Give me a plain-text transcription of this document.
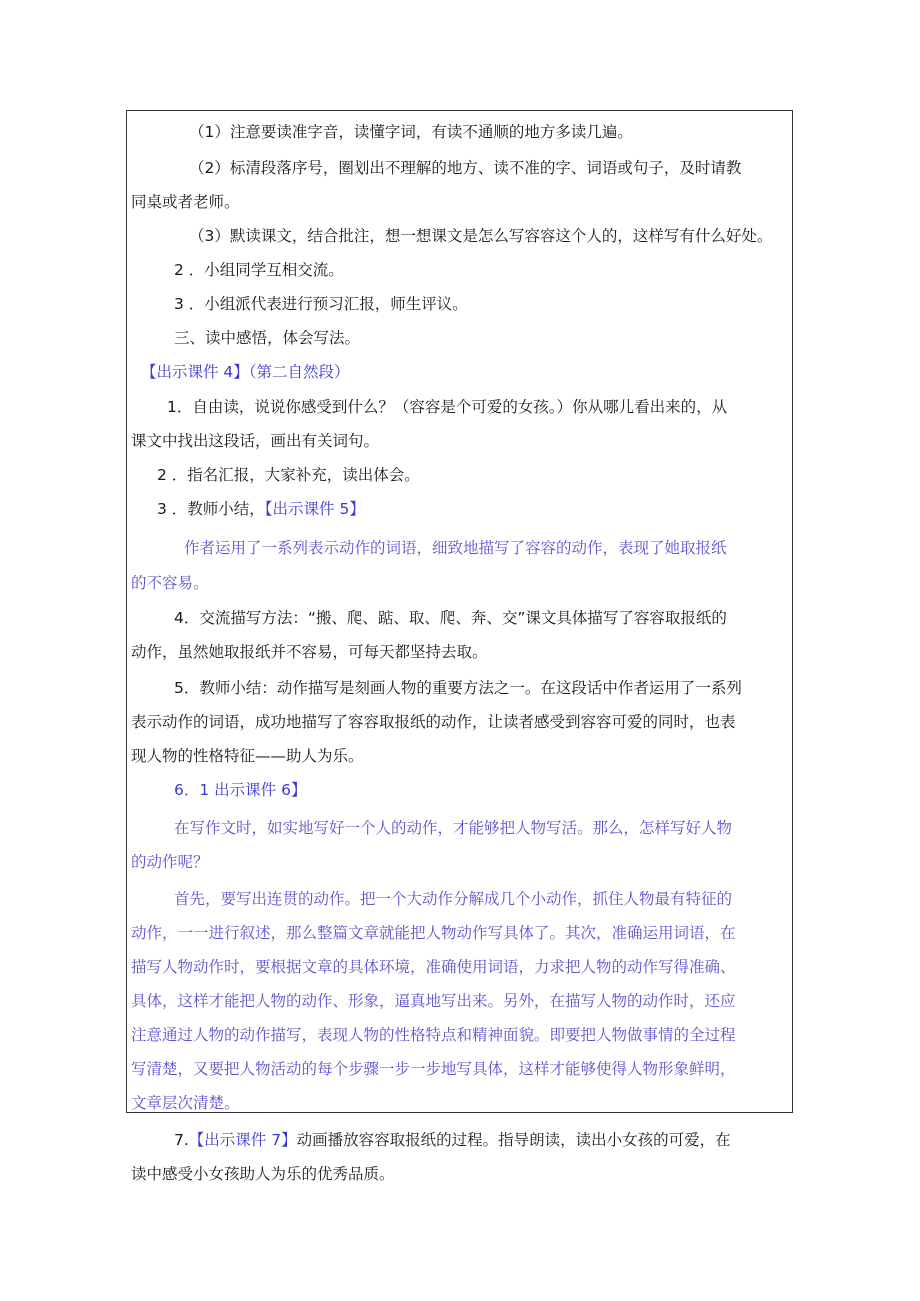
（1）注意要读准字音，读懂字词，有读不通顺的地方多读几遍。
（2）标清段落序号，圈划出不理解的地方、读不准的字、词语或句子，及时请教
同桌或者老师。
（3）默读课文，结合批注，想一想课文是怎么写容容这个人的，这样写有什么好处。
2 ．小组同学互相交流。
3 ．小组派代表进行预习汇报，师生评议。
三、读中感悟，体会写法。
【出示课件 4】（第二自然段）
1．自由读，说说你感受到什么？（容容是个可爱的女孩。）你从哪儿看出来的，从
课文中找出这段话，画出有关词句。
2 ．指名汇报，大家补充，读出体会。
3 ．教师小结，【出示课件 5】
作者运用了一系列表示动作的词语，细致地描写了容容的动作，表现了她取报纸
的不容易。
4．交流描写方法：“搬、爬、踮、取、爬、奔、交”课文具体描写了容容取报纸的
动作，虽然她取报纸并不容易，可每天都坚持去取。
5．教师小结：动作描写是刻画人物的重要方法之一。在这段话中作者运用了一系列
表示动作的词语，成功地描写了容容取报纸的动作，让读者感受到容容可爱的同时，也表
现人物的性格特征——助人为乐。
6．1 出示课件 6】
在写作文时，如实地写好一个人的动作，才能够把人物写活。那么，怎样写好人物
的动作呢？
首先，要写出连贯的动作。把一个大动作分解成几个小动作，抓住人物最有特征的
动作，一一进行叙述，那么整篇文章就能把人物动作写具体了。其次，准确运用词语，在
描写人物动作时，要根据文章的具体环境，准确使用词语，力求把人物的动作写得准确、
具体，这样才能把人物的动作、形象，逼真地写出来。另外，在描写人物的动作时，还应
注意通过人物的动作描写，表现人物的性格特点和精神面貌。即要把人物做事情的全过程
写清楚，又要把人物活动的每个步骤一步一步地写具体，这样才能够使得人物形象鲜明，
文章层次清楚。
7.【出示课件 7】动画播放容容取报纸的过程。指导朗读，读出小女孩的可爱，在
读中感受小女孩助人为乐的优秀品质。
